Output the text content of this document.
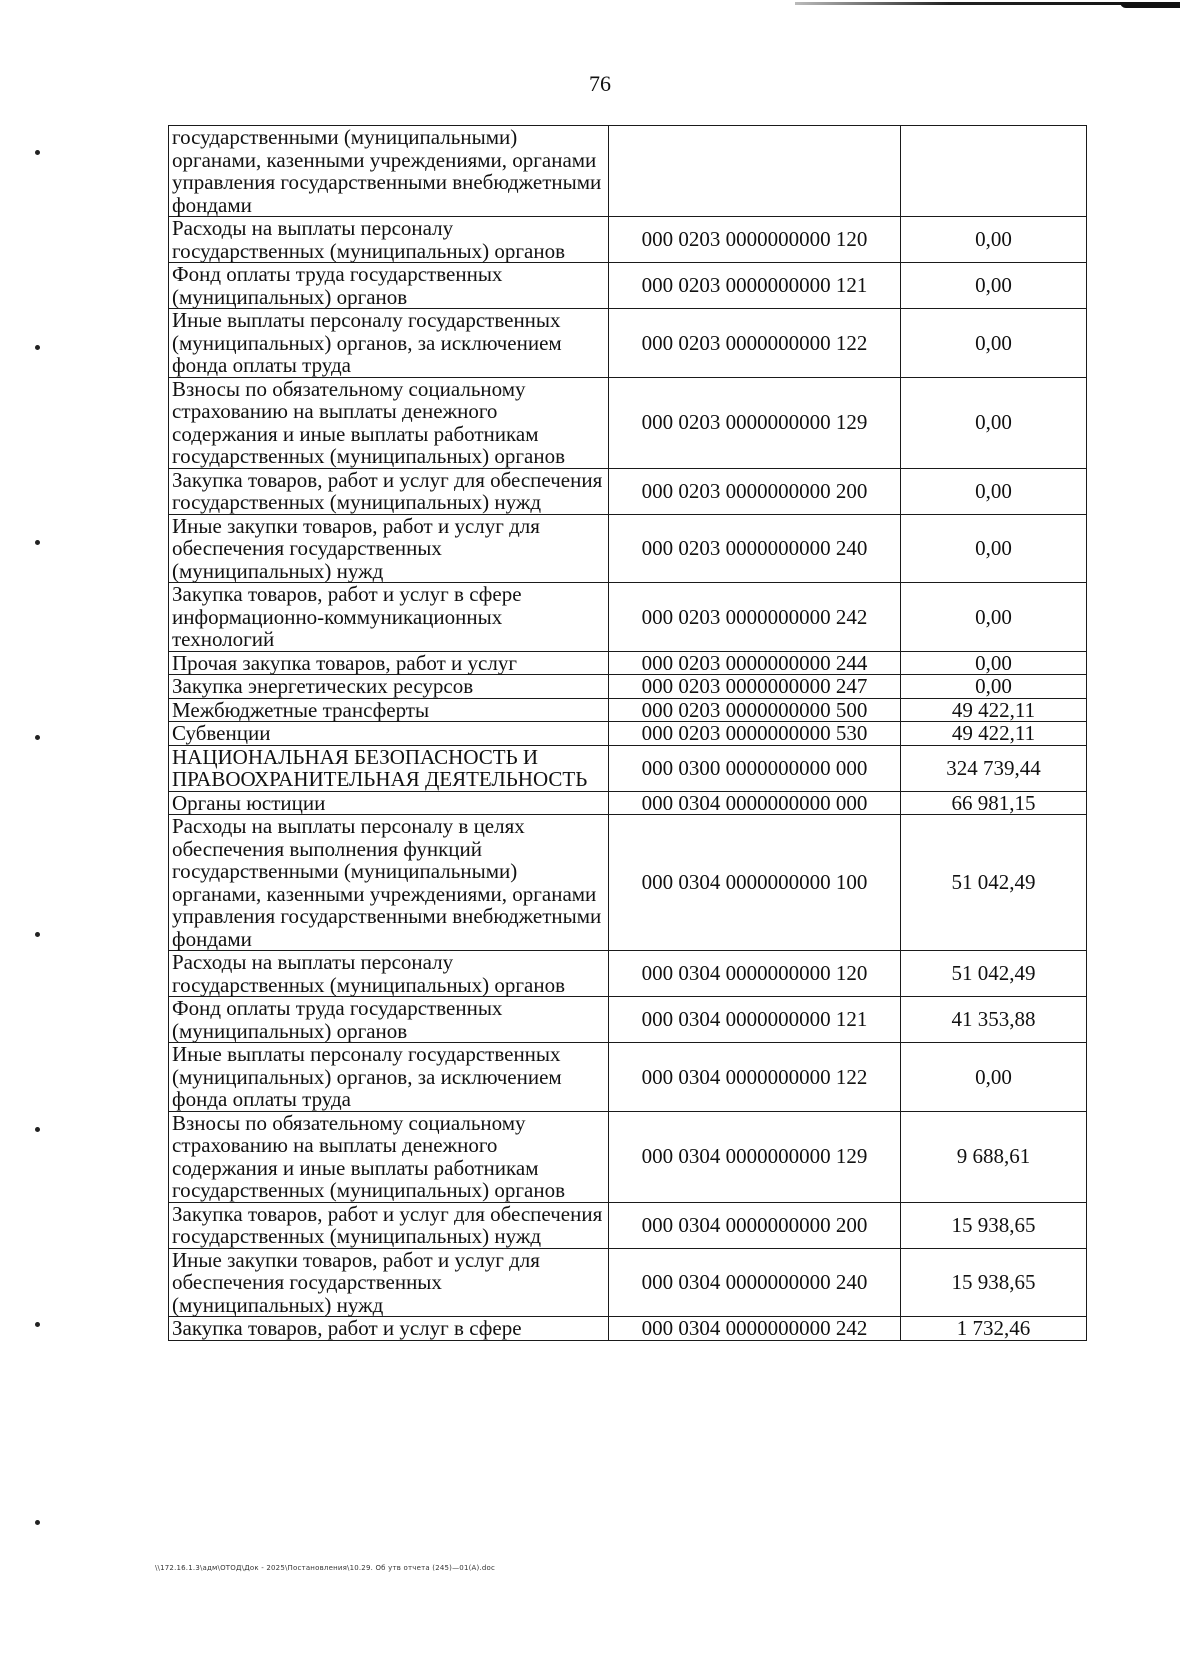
76
государственными (муниципальными) органами, казенными учреждениями, органами управления государственными внебюджетными фондами		
Расходы на выплаты персоналу государственных (муниципальных) органов	000 0203 0000000000 120	0,00
Фонд оплаты труда государственных (муниципальных) органов	000 0203 0000000000 121	0,00
Иные выплаты персоналу государственных (муниципальных) органов, за исключением фонда оплаты труда	000 0203 0000000000 122	0,00
Взносы по обязательному социальному страхованию на выплаты денежного содержания и иные выплаты работникам государственных (муниципальных) органов	000 0203 0000000000 129	0,00
Закупка товаров, работ и услуг для обеспечения государственных (муниципальных) нужд	000 0203 0000000000 200	0,00
Иные закупки товаров, работ и услуг для обеспечения государственных (муниципальных) нужд	000 0203 0000000000 240	0,00
Закупка товаров, работ и услуг в сфере информационно-коммуникационных технологий	000 0203 0000000000 242	0,00
Прочая закупка товаров, работ и услуг	000 0203 0000000000 244	0,00
Закупка энергетических ресурсов	000 0203 0000000000 247	0,00
Межбюджетные трансферты	000 0203 0000000000 500	49 422,11
Субвенции	000 0203 0000000000 530	49 422,11
НАЦИОНАЛЬНАЯ БЕЗОПАСНОСТЬ И ПРАВООХРАНИТЕЛЬНАЯ ДЕЯТЕЛЬНОСТЬ	000 0300 0000000000 000	324 739,44
Органы юстиции	000 0304 0000000000 000	66 981,15
Расходы на выплаты персоналу в целях обеспечения выполнения функций государственными (муниципальными) органами, казенными учреждениями, органами управления государственными внебюджетными фондами	000 0304 0000000000 100	51 042,49
Расходы на выплаты персоналу государственных (муниципальных) органов	000 0304 0000000000 120	51 042,49
Фонд оплаты труда государственных (муниципальных) органов	000 0304 0000000000 121	41 353,88
Иные выплаты персоналу государственных (муниципальных) органов, за исключением фонда оплаты труда	000 0304 0000000000 122	0,00
Взносы по обязательному социальному страхованию на выплаты денежного содержания и иные выплаты работникам государственных (муниципальных) органов	000 0304 0000000000 129	9 688,61
Закупка товаров, работ и услуг для обеспечения государственных (муниципальных) нужд	000 0304 0000000000 200	15 938,65
Иные закупки товаров, работ и услуг для обеспечения государственных (муниципальных) нужд	000 0304 0000000000 240	15 938,65
Закупка товаров, работ и услуг в сфере	000 0304 0000000000 242	1 732,46
\\172.16.1.3\адм\ОТОД\Док - 2025\Постановления\10.29. Об утв отчета (245)—01(А).doc
